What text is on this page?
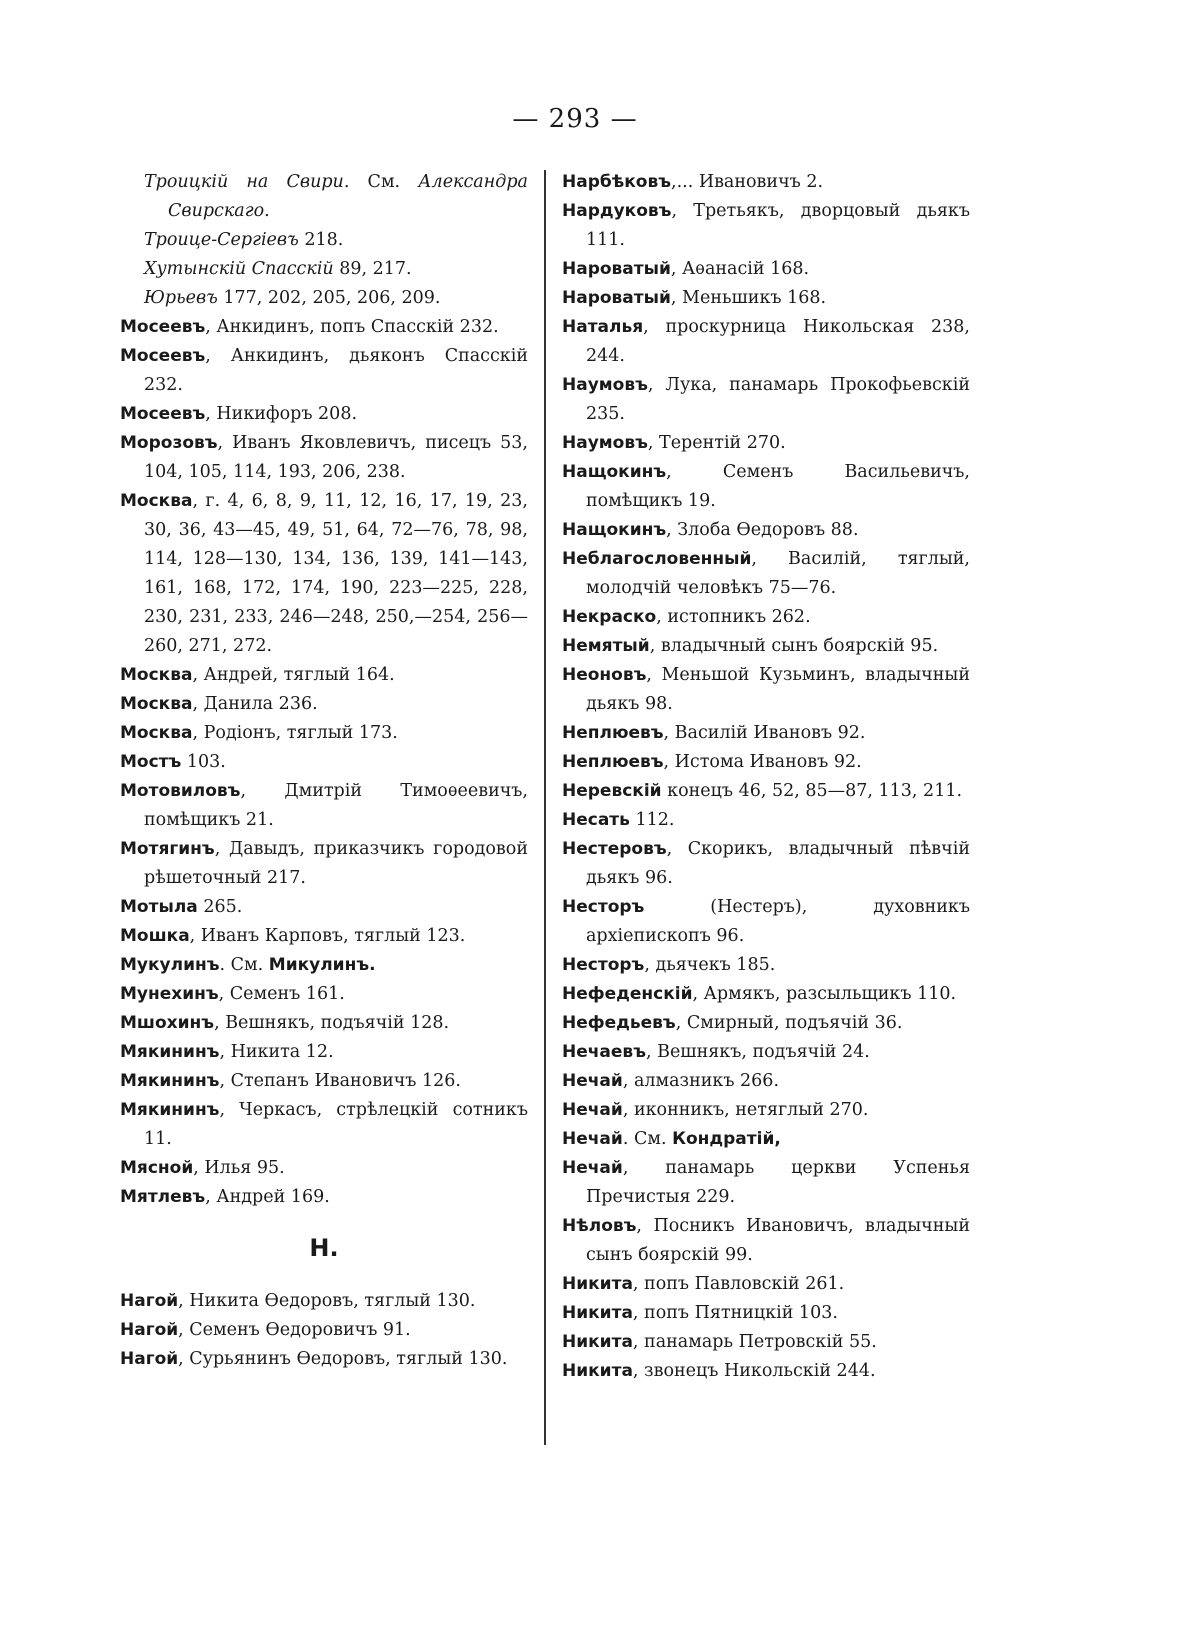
— 293 —
Троицкій на Свири. См. Александра Свирскаго.
Троице-Сергіевъ 218.
Хутынскій Спасскій 89, 217.
Юрьевъ 177, 202, 205, 206, 209.
Мосеевъ, Анкидинъ, попъ Спасскій 232.
Мосеевъ, Анкидинъ, дьяконъ Спасскій 232.
Мосеевъ, Никифоръ 208.
Морозовъ, Иванъ Яковлевичъ, писецъ 53, 104, 105, 114, 193, 206, 238.
Москва, г. 4, 6, 8, 9, 11, 12, 16, 17, 19, 23, 30, 36, 43—45, 49, 51, 64, 72—76, 78, 98, 114, 128—130, 134, 136, 139, 141—143, 161, 168, 172, 174, 190, 223—225, 228, 230, 231, 233, 246—248, 250,—254, 256—260, 271, 272.
Москва, Андрей, тяглый 164.
Москва, Данила 236.
Москва, Родіонъ, тяглый 173.
Мостъ 103.
Мотовиловъ, Дмитрій Тимоѳеевичъ, помѣщикъ 21.
Мотягинъ, Давыдъ, приказчикъ городовой рѣшеточный 217.
Мотыла 265.
Мошка, Иванъ Карповъ, тяглый 123.
Мукулинъ. См. Микулинъ.
Мунехинъ, Семенъ 161.
Мшохинъ, Вешнякъ, подъячій 128.
Мякининъ, Никита 12.
Мякининъ, Степанъ Ивановичъ 126.
Мякининъ, Черкасъ, стрѣлецкій сотникъ 11.
Мясной, Илья 95.
Мятлевъ, Андрей 169.
Н.
Нагой, Никита Ѳедоровъ, тяглый 130.
Нагой, Семенъ Ѳедоровичъ 91.
Нагой, Сурьянинъ Ѳедоровъ, тяглый 130.
Нарбѣковъ,... Ивановичъ 2.
Нардуковъ, Третьякъ, дворцовый дьякъ 111.
Нароватый, Аѳанасій 168.
Нароватый, Меньшикъ 168.
Наталья, проскурница Никольская 238, 244.
Наумовъ, Лука, панамарь Прокофьевскій 235.
Наумовъ, Терентій 270.
Нащокинъ, Семенъ Васильевичъ, помѣщикъ 19.
Нащокинъ, Злоба Ѳедоровъ 88.
Неблагословенный, Василій, тяглый, молодчій человѣкъ 75—76.
Некраско, истопникъ 262.
Немятый, владычный сынъ боярскій 95.
Неоновъ, Меньшой Кузьминъ, владычный дьякъ 98.
Неплюевъ, Василій Ивановъ 92.
Неплюевъ, Истома Ивановъ 92.
Неревскій конецъ 46, 52, 85—87, 113, 211.
Несать 112.
Нестеровъ, Скорикъ, владычный пѣвчій дьякъ 96.
Несторъ (Нестеръ), духовникъ архіепископъ 96.
Несторъ, дьячекъ 185.
Нефеденскій, Армякъ, разсыльщикъ 110.
Нефедьевъ, Смирный, подъячій 36.
Нечаевъ, Вешнякъ, подъячій 24.
Нечай, алмазникъ 266.
Нечай, иконникъ, нетяглый 270.
Нечай. См. Кондратій,
Нечай, панамарь церкви Успенья Пречистыя 229.
Нѣловъ, Посникъ Ивановичъ, владычный сынъ боярскій 99.
Никита, попъ Павловскій 261.
Никита, попъ Пятницкій 103.
Никита, панамарь Петровскій 55.
Никита, звонецъ Никольскій 244.
